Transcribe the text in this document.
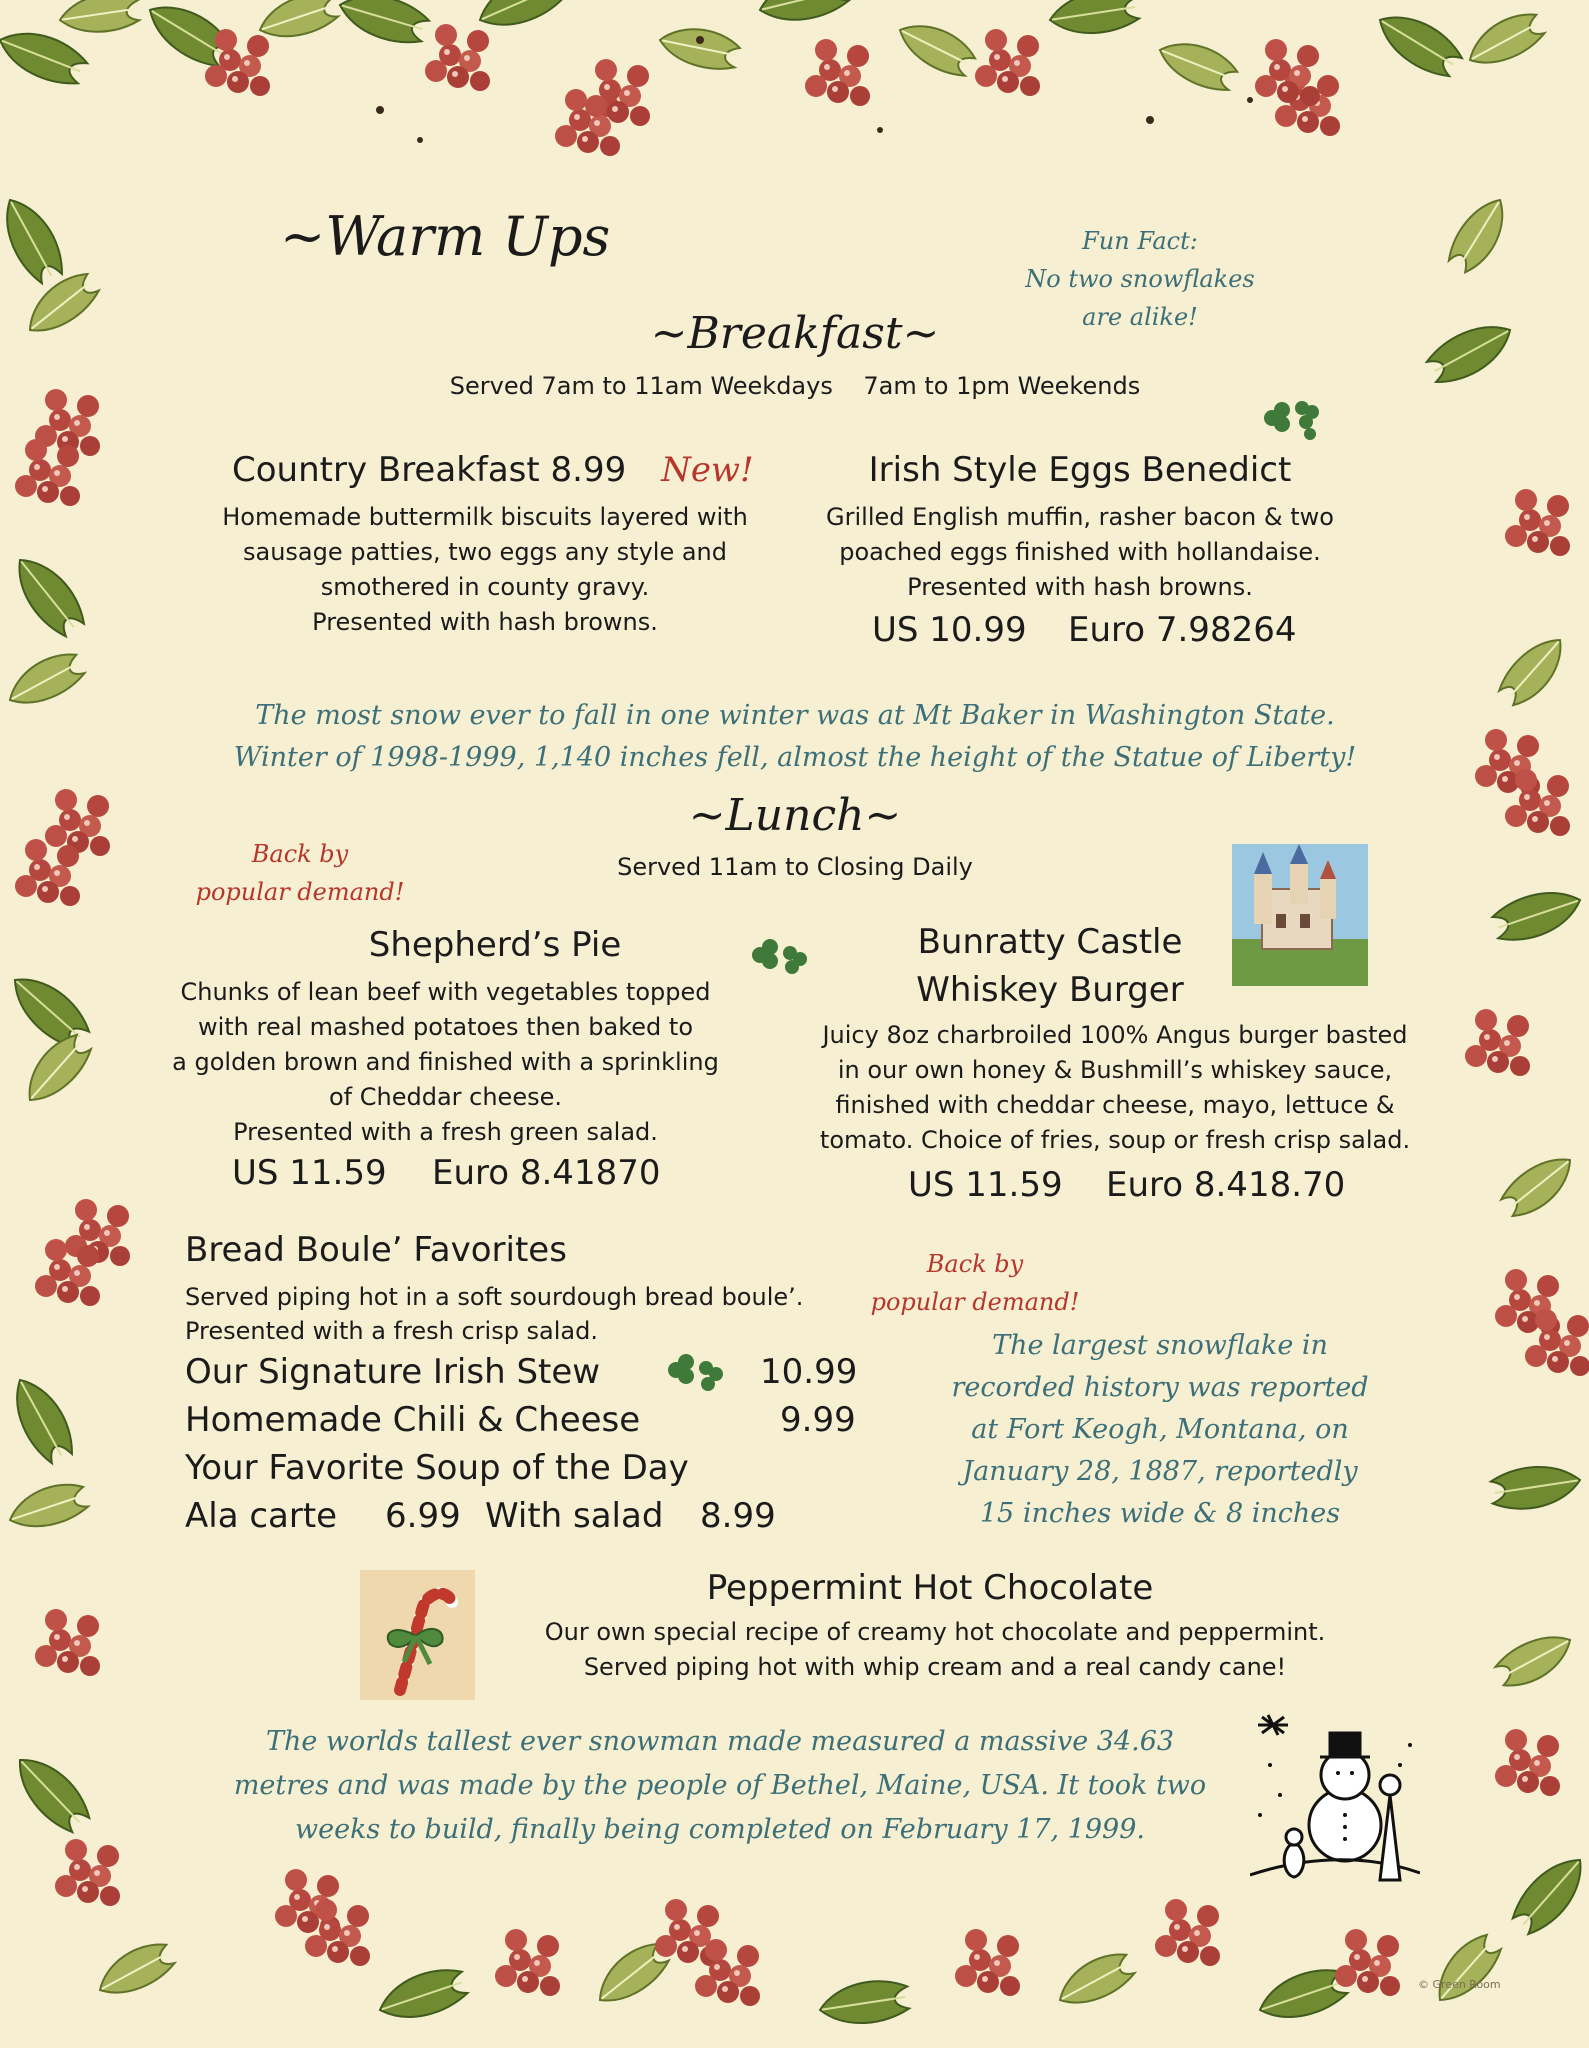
~Warm Ups	Fun Fact:
No two snowflakes
are alike!
~Breakfast~
Served 7am to 11am Weekdays    7am to 1pm Weekends
Country Breakfast 8.99 New!
Homemade buttermilk biscuits layered with
sausage patties, two eggs any style and
smothered in county gravy.
Presented with hash browns.
Irish Style Eggs Benedict
Grilled English muffin, rasher bacon & two
poached eggs finished with hollandaise.
Presented with hash browns.
US 10.99 Euro 7.98264
The most snow ever to fall in one winter was at Mt Baker in Washington State.
Winter of 1998-1999, 1,140 inches fell, almost the height of the Statue of Liberty!
~Lunch~
Served 11am to Closing Daily
Back by
popular demand!
Shepherd’s Pie
Chunks of lean beef with vegetables topped
with real mashed potatoes then baked to
a golden brown and finished with a sprinkling
of Cheddar cheese.
Presented with a fresh green salad.
US 11.59 Euro 8.41870
Bunratty Castle
Whiskey Burger
Juicy 8oz charbroiled 100% Angus burger basted
in our own honey & Bushmill’s whiskey sauce,
finished with cheddar cheese, mayo, lettuce &
tomato. Choice of fries, soup or fresh crisp salad.
US 11.59 Euro 8.418.70
Bread Boule’ Favorites
Served piping hot in a soft sourdough bread boule’.
Presented with a fresh crisp salad.
Our Signature Irish Stew	10.99
Homemade Chili & Cheese	9.99
Your Favorite Soup of the Day
Ala carte 6.99 With salad 8.99
Back by
popular demand!
The largest snowflake in
recorded history was reported
at Fort Keogh, Montana, on
January 28, 1887, reportedly
15 inches wide & 8 inches
Peppermint Hot Chocolate
Our own special recipe of creamy hot chocolate and peppermint.
Served piping hot with whip cream and a real candy cane!
The worlds tallest ever snowman made measured a massive 34.63
metres and was made by the people of Bethel, Maine, USA. It took two
weeks to build, finally being completed on February 17, 1999.
© Green Room
